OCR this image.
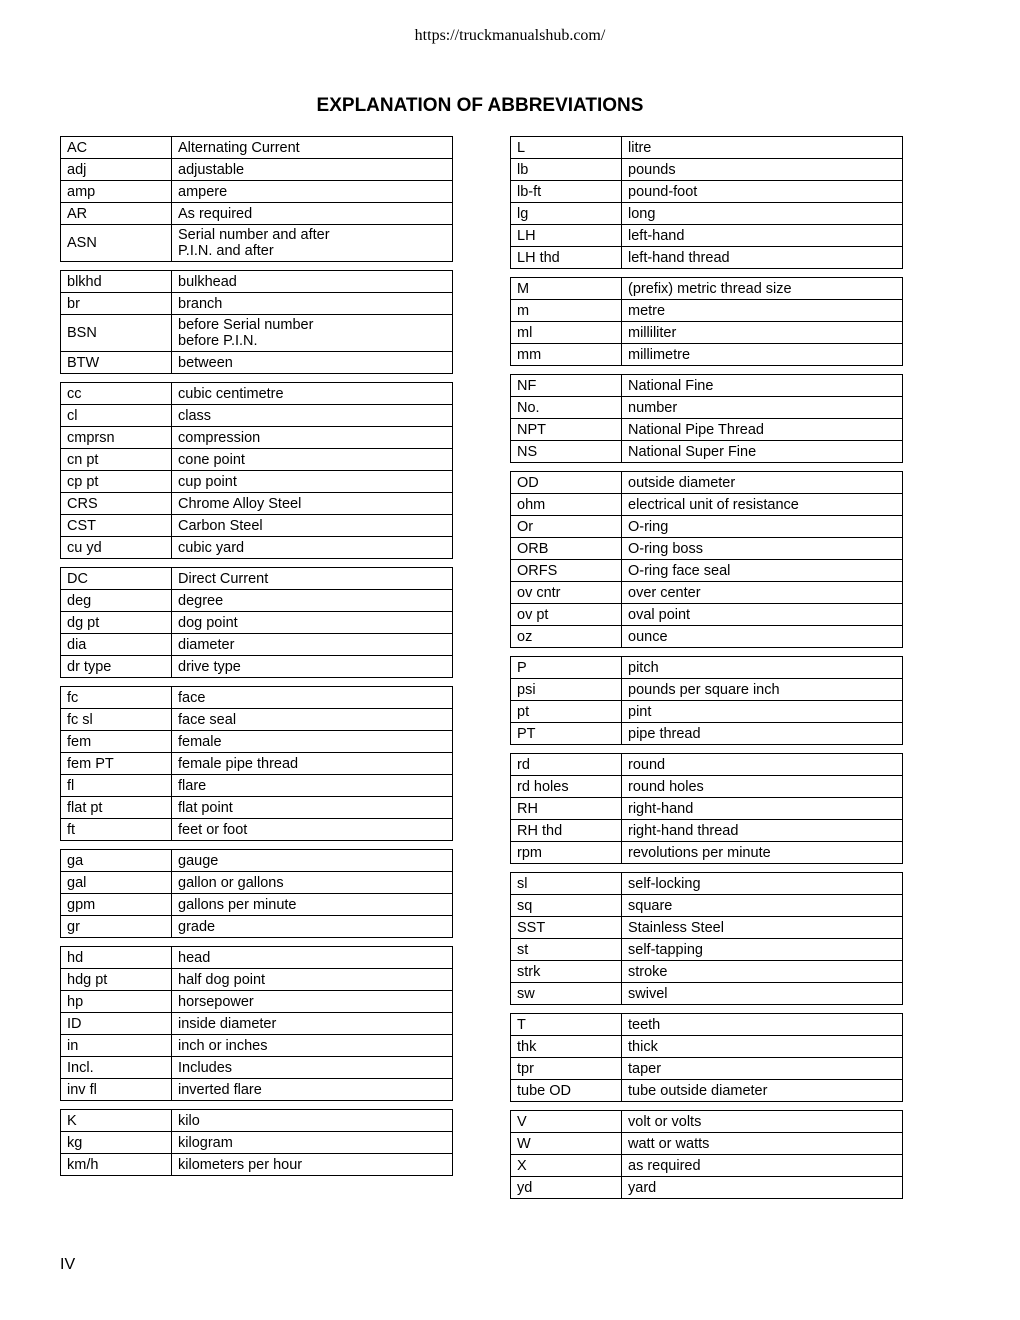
https://truckmanualshub.com/
EXPLANATION OF ABBREVIATIONS
AC	Alternating Current
adj	adjustable
amp	ampere
AR	As required
ASN	Serial number and after
P.I.N. and after
blkhd	bulkhead
br	branch
BSN	before Serial number
before P.I.N.
BTW	between
cc	cubic centimetre
cl	class
cmprsn	compression
cn pt	cone point
cp pt	cup point
CRS	Chrome Alloy Steel
CST	Carbon Steel
cu yd	cubic yard
DC	Direct Current
deg	degree
dg pt	dog point
dia	diameter
dr type	drive type
fc	face
fc sl	face seal
fem	female
fem PT	female pipe thread
fl	flare
flat pt	flat point
ft	feet or foot
ga	gauge
gal	gallon or gallons
gpm	gallons per minute
gr	grade
hd	head
hdg pt	half dog point
hp	horsepower
ID	inside diameter
in	inch or inches
Incl.	Includes
inv fl	inverted flare
K	kilo
kg	kilogram
km/h	kilometers per hour
L	litre
lb	pounds
lb-ft	pound-foot
lg	long
LH	left-hand
LH thd	left-hand thread
M	(prefix) metric thread size
m	metre
ml	milliliter
mm	millimetre
NF	National Fine
No.	number
NPT	National Pipe Thread
NS	National Super Fine
OD	outside diameter
ohm	electrical unit of resistance
Or	O-ring
ORB	O-ring boss
ORFS	O-ring face seal
ov cntr	over center
ov pt	oval point
oz	ounce
P	pitch
psi	pounds per square inch
pt	pint
PT	pipe thread
rd	round
rd holes	round holes
RH	right-hand
RH thd	right-hand thread
rpm	revolutions per minute
sl	self-locking
sq	square
SST	Stainless Steel
st	self-tapping
strk	stroke
sw	swivel
T	teeth
thk	thick
tpr	taper
tube OD	tube outside diameter
V	volt or volts
W	watt or watts
X	as required
yd	yard
IV
